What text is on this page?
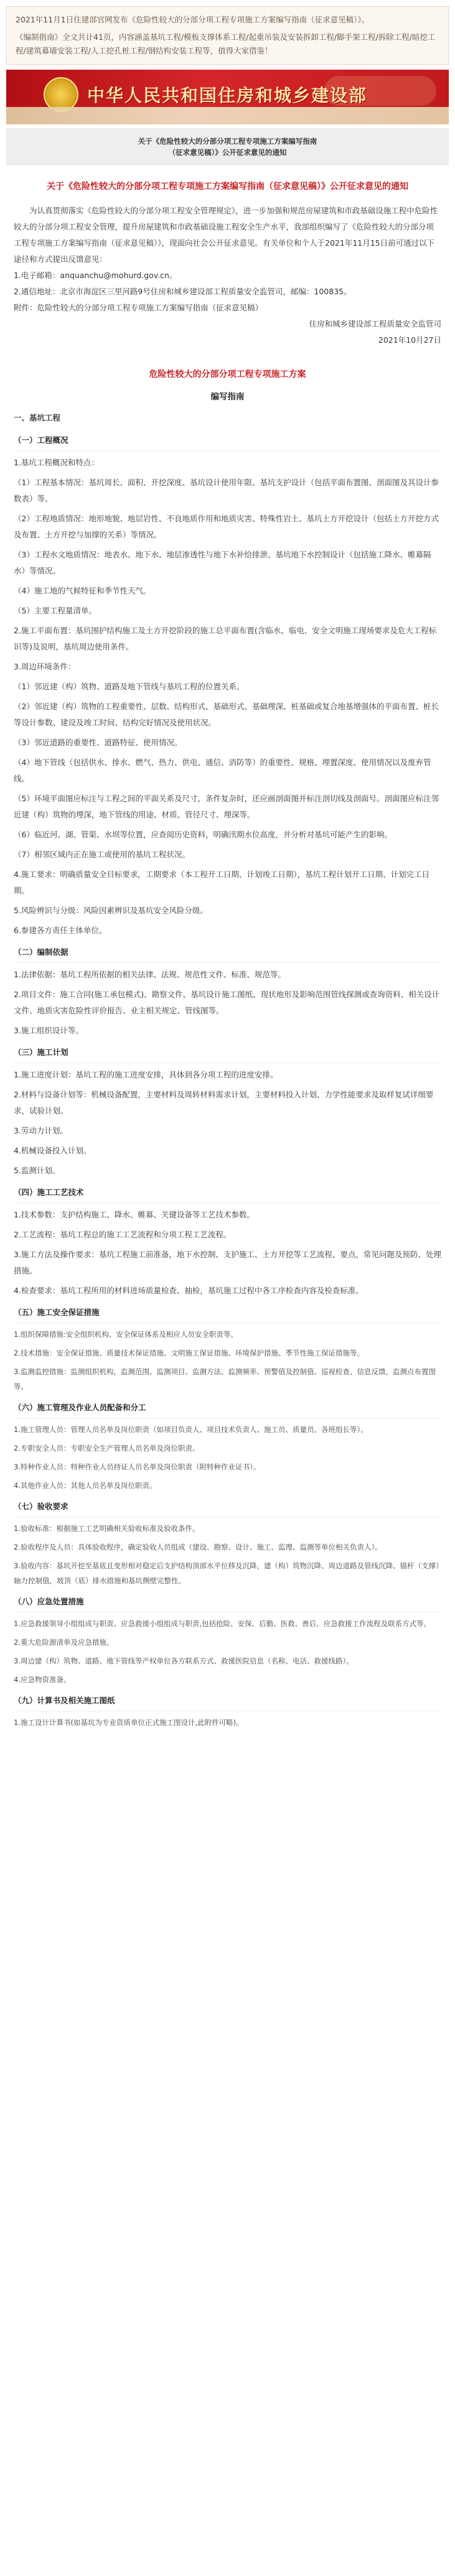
2021年11月1日住建部官网发布《危险性较大的分部分项工程专项施工方案编写指南（征求意见稿）》。

《编制指南》全文共计41页，内容涵盖基坑工程/模板支撑体系工程/起重吊装及安装拆卸工程/脚手架工程/拆除工程/暗挖工程/建筑幕墙安装工程/人工挖孔桩工程/钢结构安装工程等，值得大家借鉴！

中华人民共和国住房和城乡建设部
关于《危险性较大的分部分项工程专项施工方案编写指南
（征求意见稿）》公开征求意见的通知
关于《危险性较大的分部分项工程专项施工方案编写指南（征求意见稿）》公开征求意见的通知

为认真贯彻落实《危险性较大的分部分项工程安全管理规定》，进一步加强和规范房屋建筑和市政基础设施工程中危险性较大的分部分项工程安全管理，提升房屋建筑和市政基础设施工程安全生产水平，我部组织编写了《危险性较大的分部分项工程专项施工方案编写指南（征求意见稿）》，现面向社会公开征求意见。有关单位和个人于2021年11月15日前可通过以下途径和方式提出反馈意见：

1.电子邮箱：anquanchu@mohurd.gov.cn。

2.通信地址：北京市海淀区三里河路9号住房和城乡建设部工程质量安全监管司，邮编：100835。

附件：危险性较大的分部分项工程专项施工方案编写指南（征求意见稿）

住房和城乡建设部工程质量安全监管司

2021年10月27日

危险性较大的分部分项工程专项施工方案
编写指南
一、基坑工程
（一）工程概况

1.基坑工程概况和特点：

（1）工程基本情况：基坑周长、面积、开挖深度、基坑设计使用年限、基坑支护设计（包括平面布置图、剖面图及其设计参数表）等。

（2）工程地质情况：地形地貌、地层岩性、不良地质作用和地质灾害、特殊性岩土、基坑土方开挖设计（包括土方开挖方式及布置、土方开挖与加撑的关系）等情况。

（3）工程水文地质情况：地表水、地下水、地层渗透性与地下水补给排泄、基坑地下水控制设计（包括施工降水、帷幕隔水）等情况。

（4）施工地的气候特征和季节性天气。

（5）主要工程量清单。

2.施工平面布置：基坑围护结构施工及土方开挖阶段的施工总平面布置(含临水、临电、安全文明施工现场要求及危大工程标识等)及说明，基坑周边使用条件。

3.周边环境条件：

（1）邻近建（构）筑物、道路及地下管线与基坑工程的位置关系。

（2）邻近建（构）筑物的工程重要性、层数、结构形式、基础形式、基础埋深、桩基础或复合地基增强体的平面布置、桩长等设计参数、建设及竣工时间、结构完好情况及使用状况。

（3）邻近道路的重要性、道路特征、使用情况。

（4）地下管线（包括供水、排水、燃气、热力、供电、通信、消防等）的重要性、规格、埋置深度、使用情况以及废弃管线。

（5）环境平面图应标注与工程之间的平面关系及尺寸，条件复杂时，还应画剖面图并标注剖切线及剖面号。剖面图应标注邻近建（构）筑物的埋深，地下管线的用途、材质、管径尺寸、埋深等。

（6）临近河、湖、管渠、水坝等位置，应查阅历史资料，明确汛期水位高度，并分析对基坑可能产生的影响。

（7）相邻区域内正在施工或使用的基坑工程状况。

4.施工要求：明确质量安全目标要求，工期要求（本工程开工日期、计划竣工日期），基坑工程计划开工日期、计划完工日期。

5.风险辨识与分级：风险因素辨识及基坑安全风险分级。

6.参建各方责任主体单位。

（二）编制依据

1.法律依据：基坑工程所依据的相关法律、法规、规范性文件、标准、规范等。

2.项目文件：施工合同(施工承包模式)、勘察文件、基坑设计施工图纸、现状地形及影响范围管线探测或查询资料、相关设计文件、地质灾害危险性评价报告、业主相关规定、管线图等。

3.施工组织设计等。

（三）施工计划

1.施工进度计划：基坑工程的施工进度安排，具体到各分项工程的进度安排。

2.材料与设备计划等：机械设备配置，主要材料及周转材料需求计划，主要材料投入计划、力学性能要求及取样复试详细要求，试验计划。

3.劳动力计划。

4.机械设备投入计划。

5.监测计划。

（四）施工工艺技术

1.技术参数：支护结构施工、降水、帷幕、关键设备等工艺技术参数。

2.工艺流程：基坑工程总的施工工艺流程和分项工程工艺流程。

3.施工方法及操作要求：基坑工程施工前准备，地下水控制、支护施工、土方开挖等工艺流程、要点，常见问题及预防、处理措施。

4.检查要求：基坑工程所用的材料进场质量检查、抽检，基坑施工过程中各工序检查内容及检查标准。

（五）施工安全保证措施

1.组织保障措施:安全组织机构、安全保证体系及相应人员安全职责等。

2.技术措施：安全保证措施、质量技术保证措施、文明施工保证措施、环境保护措施、季节性施工保证措施等。

3.监测监控措施：监测组织机构，监测范围、监测项目、监测方法、监测频率、预警值及控制值、巡视检查、信息反馈，监测点布置图等。

（六）施工管理及作业人员配备和分工

1.施工管理人员：管理人员名单及岗位职责（如项目负责人、项目技术负责人、施工员、质量员、各班组长等）。

2.专职安全人员：专职安全生产管理人员名单及岗位职责。

3.特种作业人员：特种作业人员持证人员名单及岗位职责（附特种作业证书）。

4.其他作业人员：其他人员名单及岗位职责。

（七）验收要求

1.验收标准：根据施工工艺明确相关验收标准及验收条件。

2.验收程序及人员：具体验收程序，确定验收人员组成（建设、勘察、设计、施工、监理、监测等单位相关负责人）。

3.验收内容：基坑开挖至基底且变形相对稳定后支护结构顶部水平位移及沉降，建（构）筑物沉降、周边道路及管线沉降、锚杆（支撑）轴力控制值，坡顶（底）排水措施和基坑侧壁完整性。

（八）应急处置措施

1.应急救援领导小组组成与职责、应急救援小组组成与职责,包括抢险、安保、后勤、医救、善后、应急救援工作流程及联系方式等。

2.重大危险源清单及应急措施。

3.周边建（构）筑物、道路、地下管线等产权单位各方联系方式、救援医院信息（名称、电话、救援线路）。

4.应急物资准备。

（九）计算书及相关施工图纸

1.施工设计计算书(如基坑为专业资质单位正式施工图设计,此附件可略)。
